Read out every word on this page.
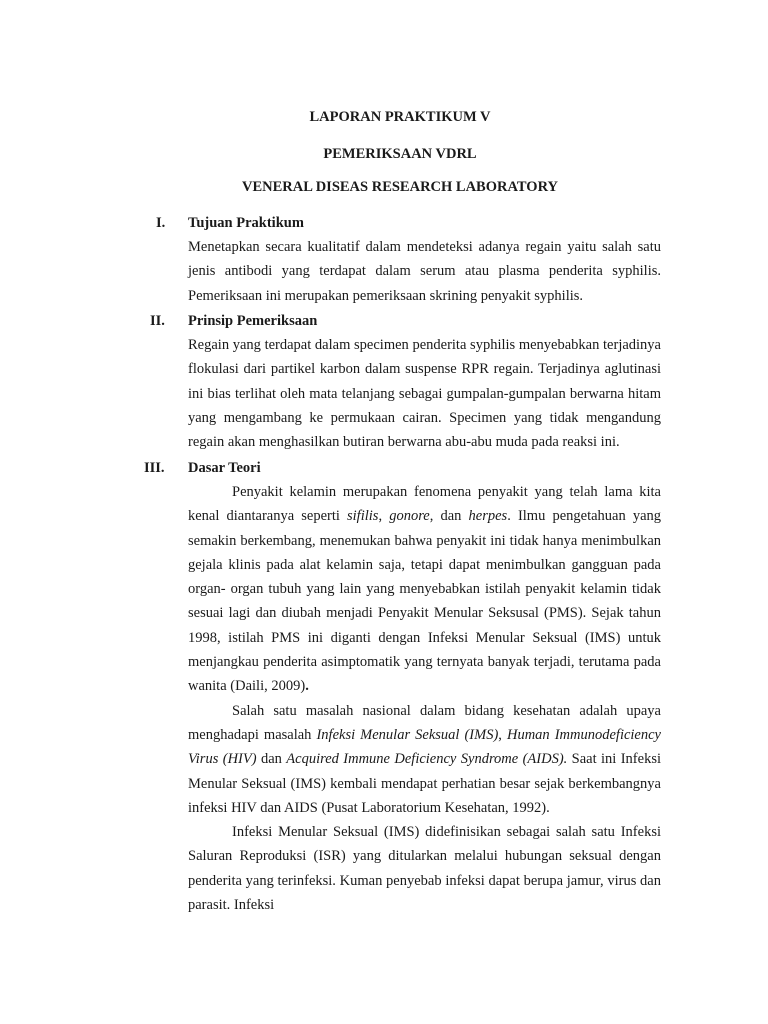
LAPORAN PRAKTIKUM V
PEMERIKSAAN VDRL
VENERAL DISEAS RESEARCH LABORATORY
I. Tujuan Praktikum

Menetapkan secara kualitatif dalam mendeteksi adanya regain yaitu salah satu jenis antibodi yang terdapat dalam serum atau plasma penderita syphilis. Pemeriksaan ini merupakan pemeriksaan skrining penyakit syphilis.

II. Prinsip Pemeriksaan

Regain yang terdapat dalam specimen penderita syphilis menyebabkan terjadinya flokulasi dari partikel karbon dalam suspense RPR regain. Terjadinya aglutinasi ini bias terlihat oleh mata telanjang sebagai gumpalan-gumpalan berwarna hitam yang mengambang ke permukaan cairan. Specimen yang tidak mengandung regain akan menghasilkan butiran berwarna abu-abu muda pada reaksi ini.

III. Dasar Teori

Penyakit kelamin merupakan fenomena penyakit yang telah lama kita kenal diantaranya seperti sifilis, gonore, dan herpes. Ilmu pengetahuan yang semakin berkembang, menemukan bahwa penyakit ini tidak hanya menimbulkan gejala klinis pada alat kelamin saja, tetapi dapat menimbulkan gangguan pada organ- organ tubuh yang lain yang menyebabkan istilah penyakit kelamin tidak sesuai lagi dan diubah menjadi Penyakit Menular Seksusal (PMS). Sejak tahun 1998, istilah PMS ini diganti dengan Infeksi Menular Seksual (IMS) untuk menjangkau penderita asimptomatik yang ternyata banyak terjadi, terutama pada wanita (Daili, 2009).

Salah satu masalah nasional dalam bidang kesehatan adalah upaya menghadapi masalah Infeksi Menular Seksual (IMS), Human Immunodeficiency Virus (HIV) dan Acquired Immune Deficiency Syndrome (AIDS). Saat ini Infeksi Menular Seksual (IMS) kembali mendapat perhatian besar sejak berkembangnya infeksi HIV dan AIDS (Pusat Laboratorium Kesehatan, 1992).

Infeksi Menular Seksual (IMS) didefinisikan sebagai salah satu Infeksi Saluran Reproduksi (ISR) yang ditularkan melalui hubungan seksual dengan penderita yang terinfeksi. Kuman penyebab infeksi dapat berupa jamur, virus dan parasit. Infeksi
